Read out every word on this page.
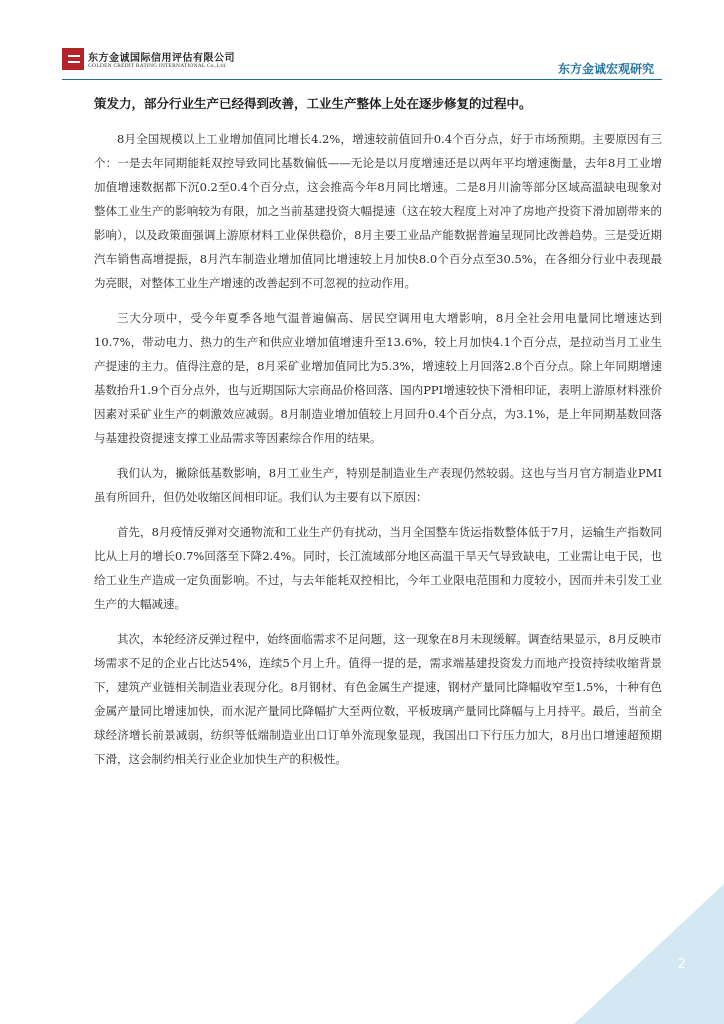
东方金诚国际信用评估有限公司
GOLDEN CREDIT RATING INTERNATIONAL Co.,Ltd.	东方金诚宏观研究

策发力，部分行业生产已经得到改善，工业生产整体上处在逐步修复的过程中。

8月全国规模以上工业增加值同比增长4.2%，增速较前值回升0.4个百分点，好于市场预期。主要原因有三个：一是去年同期能耗双控导致同比基数偏低——无论是以月度增速还是以两年平均增速衡量，去年8月工业增加值增速数据都下沉0.2至0.4个百分点，这会推高今年8月同比增速。二是8月川渝等部分区域高温缺电现象对整体工业生产的影响较为有限，加之当前基建投资大幅提速（这在较大程度上对冲了房地产投资下滑加剧带来的影响），以及政策面强调上游原材料工业保供稳价，8月主要工业品产能数据普遍呈现同比改善趋势。三是受近期汽车销售高增提振，8月汽车制造业增加值同比增速较上月加快8.0个百分点至30.5%，在各细分行业中表现最为亮眼，对整体工业生产增速的改善起到不可忽视的拉动作用。

三大分项中，受今年夏季各地气温普遍偏高、居民空调用电大增影响，8月全社会用电量同比增速达到10.7%，带动电力、热力的生产和供应业增加值增速升至13.6%，较上月加快4.1个百分点，是拉动当月工业生产提速的主力。值得注意的是，8月采矿业增加值同比为5.3%，增速较上月回落2.8个百分点。除上年同期增速基数抬升1.9个百分点外，也与近期国际大宗商品价格回落、国内PPI增速较快下滑相印证，表明上游原材料涨价因素对采矿业生产的刺激效应减弱。8月制造业增加值较上月回升0.4个百分点，为3.1%，是上年同期基数回落与基建投资提速支撑工业品需求等因素综合作用的结果。

我们认为，撇除低基数影响，8月工业生产，特别是制造业生产表现仍然较弱。这也与当月官方制造业PMI虽有所回升，但仍处收缩区间相印证。我们认为主要有以下原因：

首先，8月疫情反弹对交通物流和工业生产仍有扰动，当月全国整车货运指数整体低于7月，运输生产指数同比从上月的增长0.7%回落至下降2.4%。同时，长江流域部分地区高温干旱天气导致缺电，工业需让电于民，也给工业生产造成一定负面影响。不过，与去年能耗双控相比，今年工业限电范围和力度较小，因而并未引发工业生产的大幅减速。

其次，本轮经济反弹过程中，始终面临需求不足问题，这一现象在8月未现缓解。调查结果显示，8月反映市场需求不足的企业占比达54%，连续5个月上升。值得一提的是，需求端基建投资发力而地产投资持续收缩背景下，建筑产业链相关制造业表现分化。8月钢材、有色金属生产提速，钢材产量同比降幅收窄至1.5%，十种有色金属产量同比增速加快，而水泥产量同比降幅扩大至两位数，平板玻璃产量同比降幅与上月持平。最后，当前全球经济增长前景减弱，纺织等低端制造业出口订单外流现象显现，我国出口下行压力加大，8月出口增速超预期下滑，这会制约相关行业企业加快生产的积极性。

2
